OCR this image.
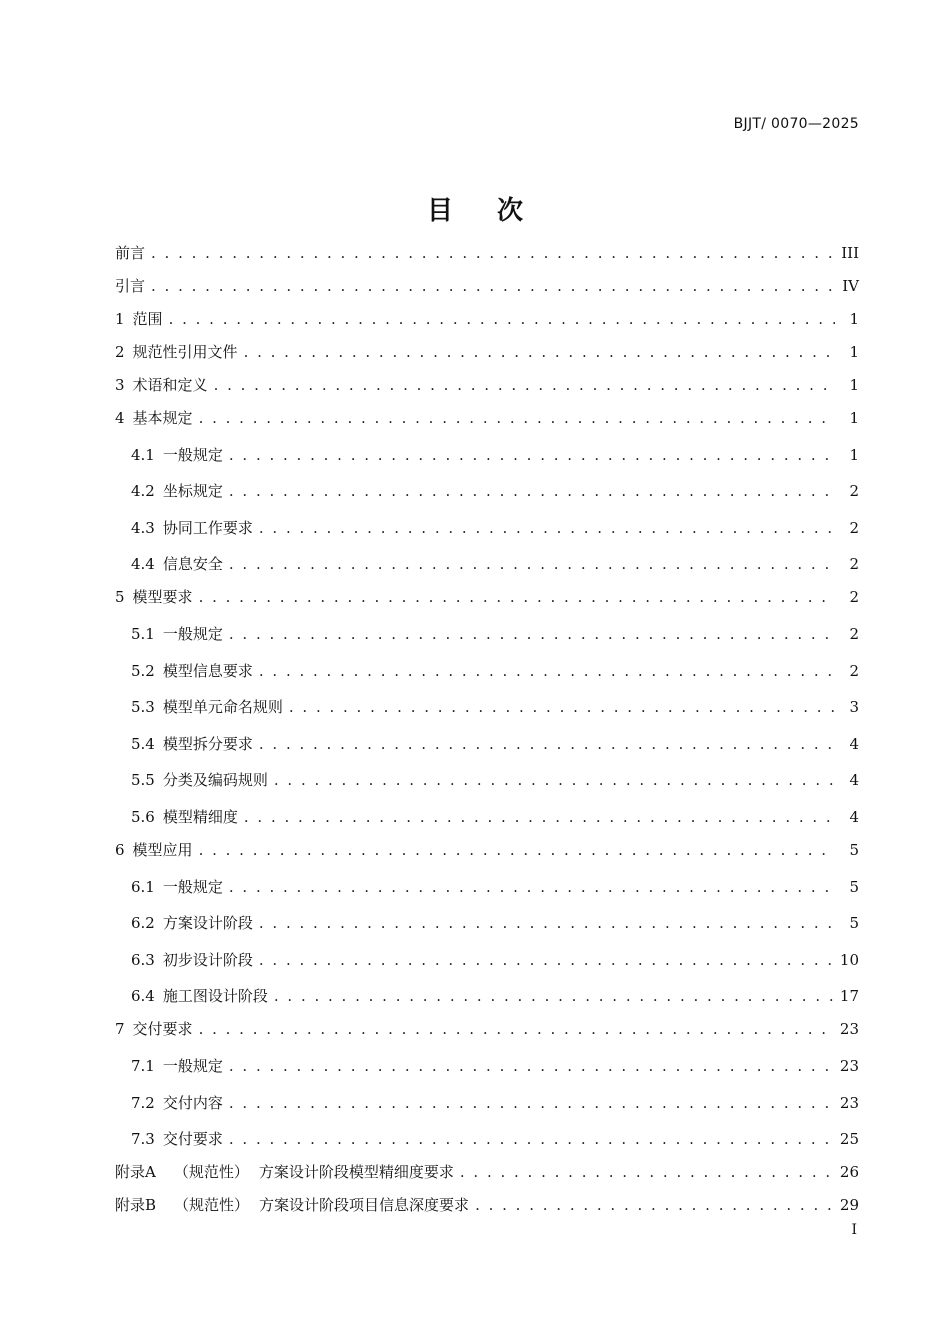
BJJT/ 0070—2025
目次
前言 . . .	III
引言 . . .	IV
1 范围 . . .	1
2 规范性引用文件 . . .	1
3 术语和定义 . . .	1
4 基本规定 . . .	1
4.1 一般规定 . . .	1
4.2 坐标规定 . . .	2
4.3 协同工作要求 . . .	2
4.4 信息安全 . . .	2
5 模型要求 . . .	2
5.1 一般规定 . . .	2
5.2 模型信息要求 . . .	2
5.3 模型单元命名规则 . . .	3
5.4 模型拆分要求 . . .	4
5.5 分类及编码规则 . . .	4
5.6 模型精细度 . . .	4
6 模型应用 . . .	5
6.1 一般规定 . . .	5
6.2 方案设计阶段 . . .	5
6.3 初步设计阶段 . . .	10
6.4 施工图设计阶段 . . .	17
7 交付要求 . . .	23
7.1 一般规定 . . .	23
7.2 交付内容 . . .	23
7.3 交付要求 . . .	25
附录A （规范性） 方案设计阶段模型精细度要求 . . .	26
附录B （规范性） 方案设计阶段项目信息深度要求 . . .	29
I
